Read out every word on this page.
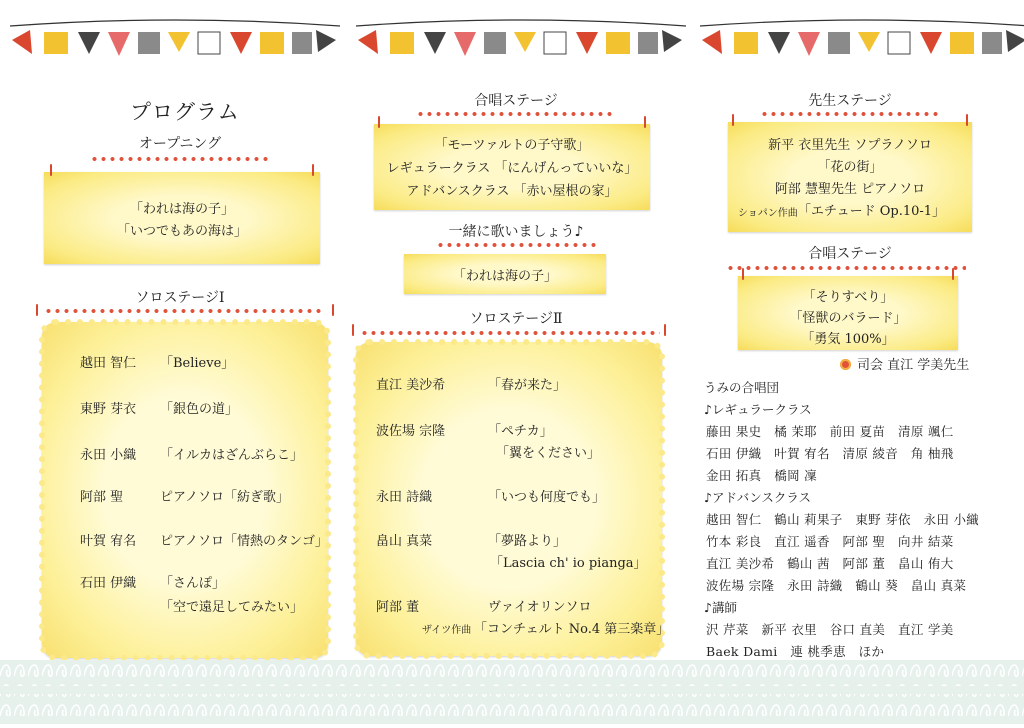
プログラム
オープニング
「われは海の子」
「いつでもあの海は」
ソロステージⅠ
越田 智仁 「Believe」
東野 芽衣 「銀色の道」
永田 小織 「イルカはざんぶらこ」
阿部 聖	ピアノソロ「紡ぎ歌」
叶賀 宥名 ピアノソロ「情熱のタンゴ」
石田 伊織 「さんぽ」
「空で遠足してみたい」
合唱ステージ
「モーツァルトの子守歌」
レギュラークラス 「にんげんっていいな」
アドバンスクラス 「赤い屋根の家」
一緒に歌いましょう♪
「われは海の子」
ソロステージⅡ
直江 美沙希	「春が来た」
波佐場 宗隆	「ペチカ」
「翼をください」
永田 詩織	「いつも何度でも」
畠山 真菜	「夢路より」
「Lascia ch' io pianga」
阿部 董	ヴァイオリンソロ
ザイツ作曲 「コンチェルト No.4 第三楽章」
先生ステージ
新平 衣里先生 ソプラノソロ
「花の街」
阿部 慧聖先生 ピアノソロ
ショパン作曲 「エチュード Op.10-1」
合唱ステージ
「そりすべり」
「怪獣のバラード」
「勇気 100%」
司会 直江 学美先生
うみの合唱団
♪レギュラークラス
藤田 果史　橘 茉耶　前田 夏苗　清原 颯仁
石田 伊織　叶賀 宥名　清原 綾音　角 柚飛
金田 拓真　橋岡 凜
♪アドバンスクラス
越田 智仁　鶴山 莉果子　東野 芽依　永田 小織
竹本 彩良　直江 遥香　阿部 聖　向井 結菜
直江 美沙希　鶴山 茜　阿部 董　畠山 侑大
波佐場 宗隆　永田 詩織　鶴山 葵　畠山 真菜
♪講師
沢 芹菜　新平 衣里　谷口 直美　直江 学美
Baek Dami　連 桃季恵　ほか
